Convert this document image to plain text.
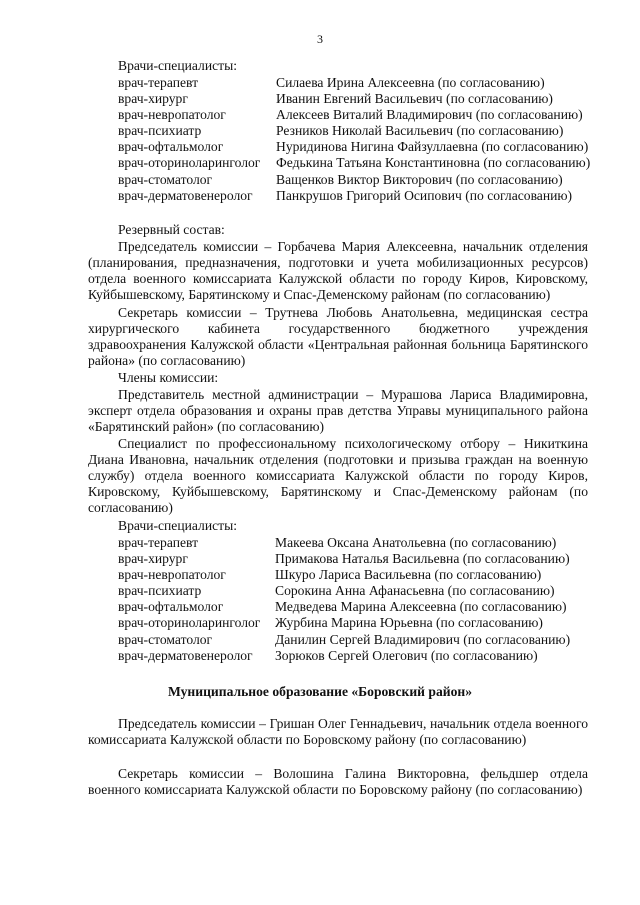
3
Врачи-специалисты:
врач-терапевт	Силаева Ирина Алексеевна (по согласованию)
врач-хирург	Иванин Евгений Васильевич (по согласованию)
врач-невропатолог	Алексеев Виталий Владимирович (по согласованию)
врач-психиатр	Резников Николай Васильевич (по согласованию)
врач-офтальмолог	Нуридинова Нигина Файзуллаевна (по согласованию)
врач-оториноларинголог Федькина Татьяна Константиновна (по согласованию)
врач-стоматолог	Ващенков Виктор Викторович (по согласованию)
врач-дерматовенеролог Панкрушов Григорий Осипович (по согласованию)
Резервный состав:

Председатель комиссии – Горбачева Мария Алексеевна, начальник отделения (планирования, предназначения, подготовки и учета мобилизационных ресурсов) отдела военного комиссариата Калужской области по городу Киров, Кировскому, Куйбышевскому, Барятинскому и Спас-Деменскому районам (по согласованию)

Секретарь комиссии – Трутнева Любовь Анатольевна, медицинская сестра хирургического кабинета государственного бюджетного учреждения здравоохранения Калужской области «Центральная районная больница Барятинского района» (по согласованию)

Члены комиссии:

Представитель местной администрации – Мурашова Лариса Владимировна, эксперт отдела образования и охраны прав детства Управы муниципального района «Барятинский район» (по согласованию)

Специалист по профессиональному психологическому отбору – Никиткина Диана Ивановна, начальник отделения (подготовки и призыва граждан на военную службу) отдела военного комиссариата Калужской области по городу Киров, Кировскому, Куйбышевскому, Барятинскому и Спас-Деменскому районам (по согласованию)

Врачи-специалисты:
врач-терапевт	Макеева Оксана Анатольевна (по согласованию)
врач-хирург	Примакова Наталья Васильевна (по согласованию)
врач-невропатолог	Шкуро Лариса Васильевна (по согласованию)
врач-психиатр	Сорокина Анна Афанасьевна (по согласованию)
врач-офтальмолог	Медведева Марина Алексеевна (по согласованию)
врач-оториноларинголог Журбина Марина Юрьевна (по согласованию)
врач-стоматолог	Данилин Сергей Владимирович (по согласованию)
врач-дерматовенеролог Зорюков Сергей Олегович (по согласованию)
Муниципальное образование «Боровский район»

Председатель комиссии – Гришан Олег Геннадьевич, начальник отдела военного комиссариата Калужской области по Боровскому району (по согласованию)

Секретарь комиссии – Волошина Галина Викторовна, фельдшер отдела военного комиссариата Калужской области по Боровскому району (по согласованию)
